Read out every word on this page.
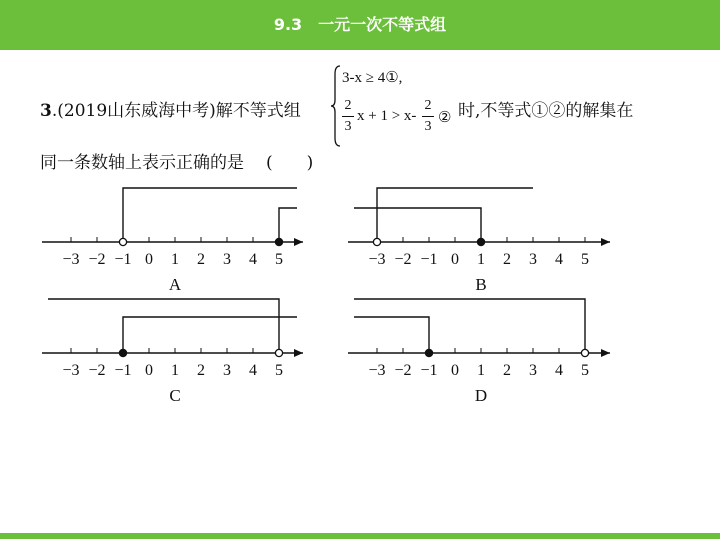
9.3　一元一次不等式组
3.(2019山东威海中考)解不等式组
3-x ≥ 4①,
2
3
x + 1 > x-
2
3
② 时,不等式①②的解集在
同一条数轴上表示正确的是 (　　)
−3 −2 −1 0 1 2 3 4 5
A
−3 −2 −1 0 1 2 3 4 5
B
−3 −2 −1 0 1 2 3 4 5
C
−3 −2 −1 0 1 2 3 4 5
D
